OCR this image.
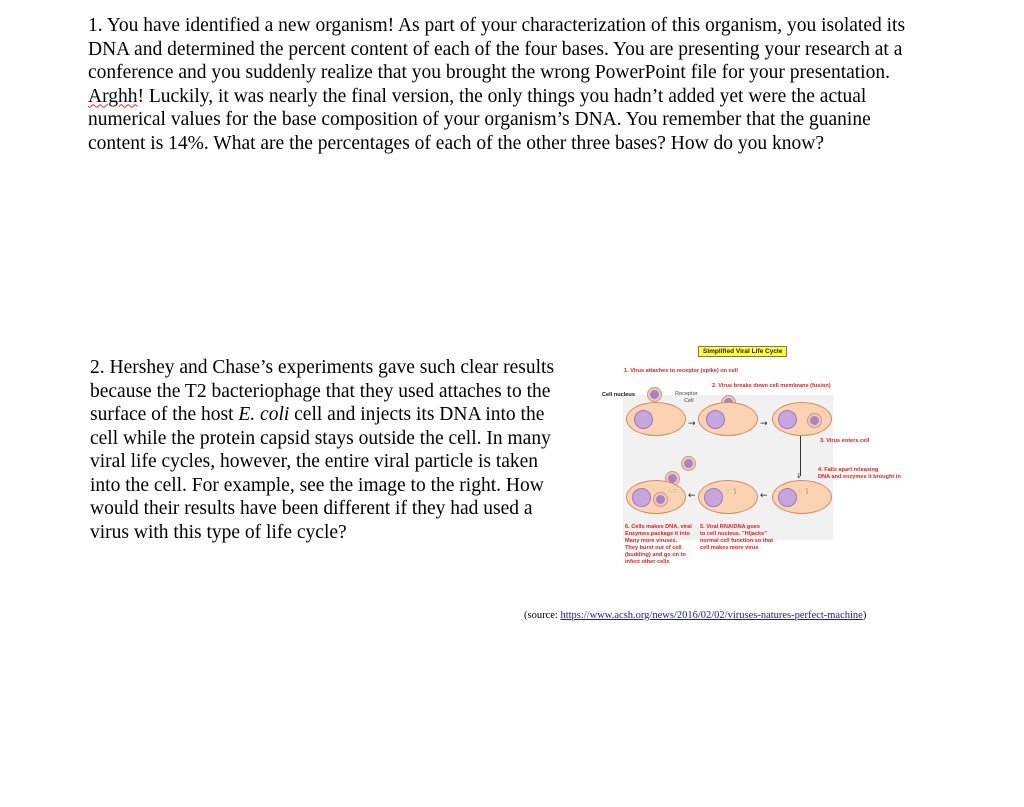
1. You have identified a new organism! As part of your characterization of this organism, you isolated its DNA and determined the percent content of each of the four bases. You are presenting your research at a conference and you suddenly realize that you brought the wrong PowerPoint file for your presentation. Arghh! Luckily, it was nearly the final version, the only things you hadn’t added yet were the actual numerical values for the base composition of your organism’s DNA. You remember that the guanine content is 14%. What are the percentages of each of the other three bases? How do you know?
2. Hershey and Chase’s experiments gave such clear results because the T2 bacteriophage that they used attaches to the surface of the host E. coli cell and injects its DNA into the cell while the protein capsid stays outside the cell. In many viral life cycles, however, the entire viral particle is taken into the cell. For example, see the image to the right. How would their results have been different if they had used a virus with this type of life cycle?
Simplified Viral Life Cycle
1. Virus attaches to receptor (spike) on cell
2. Virus breaks down cell membrane (fusion)
Cell nucleus	Receptor
Cell
→	→
3. Virus enters cell
↓
4. Falls apart releasing
DNA and enzymes it brought in
∴∵ ←	∵ ⟆	←	∴ ⟆
6. Cells makes DNA, viral
Enzymes package it into
Many more viruses.
They burst out of cell
(budding) and go on to
infect other cells
5. Viral RNA/DNA goes
to cell nucleus. "Hijacks"
normal cell function so that
cell makes more virus
(source: https://www.acsh.org/news/2016/02/02/viruses-natures-perfect-machine)
